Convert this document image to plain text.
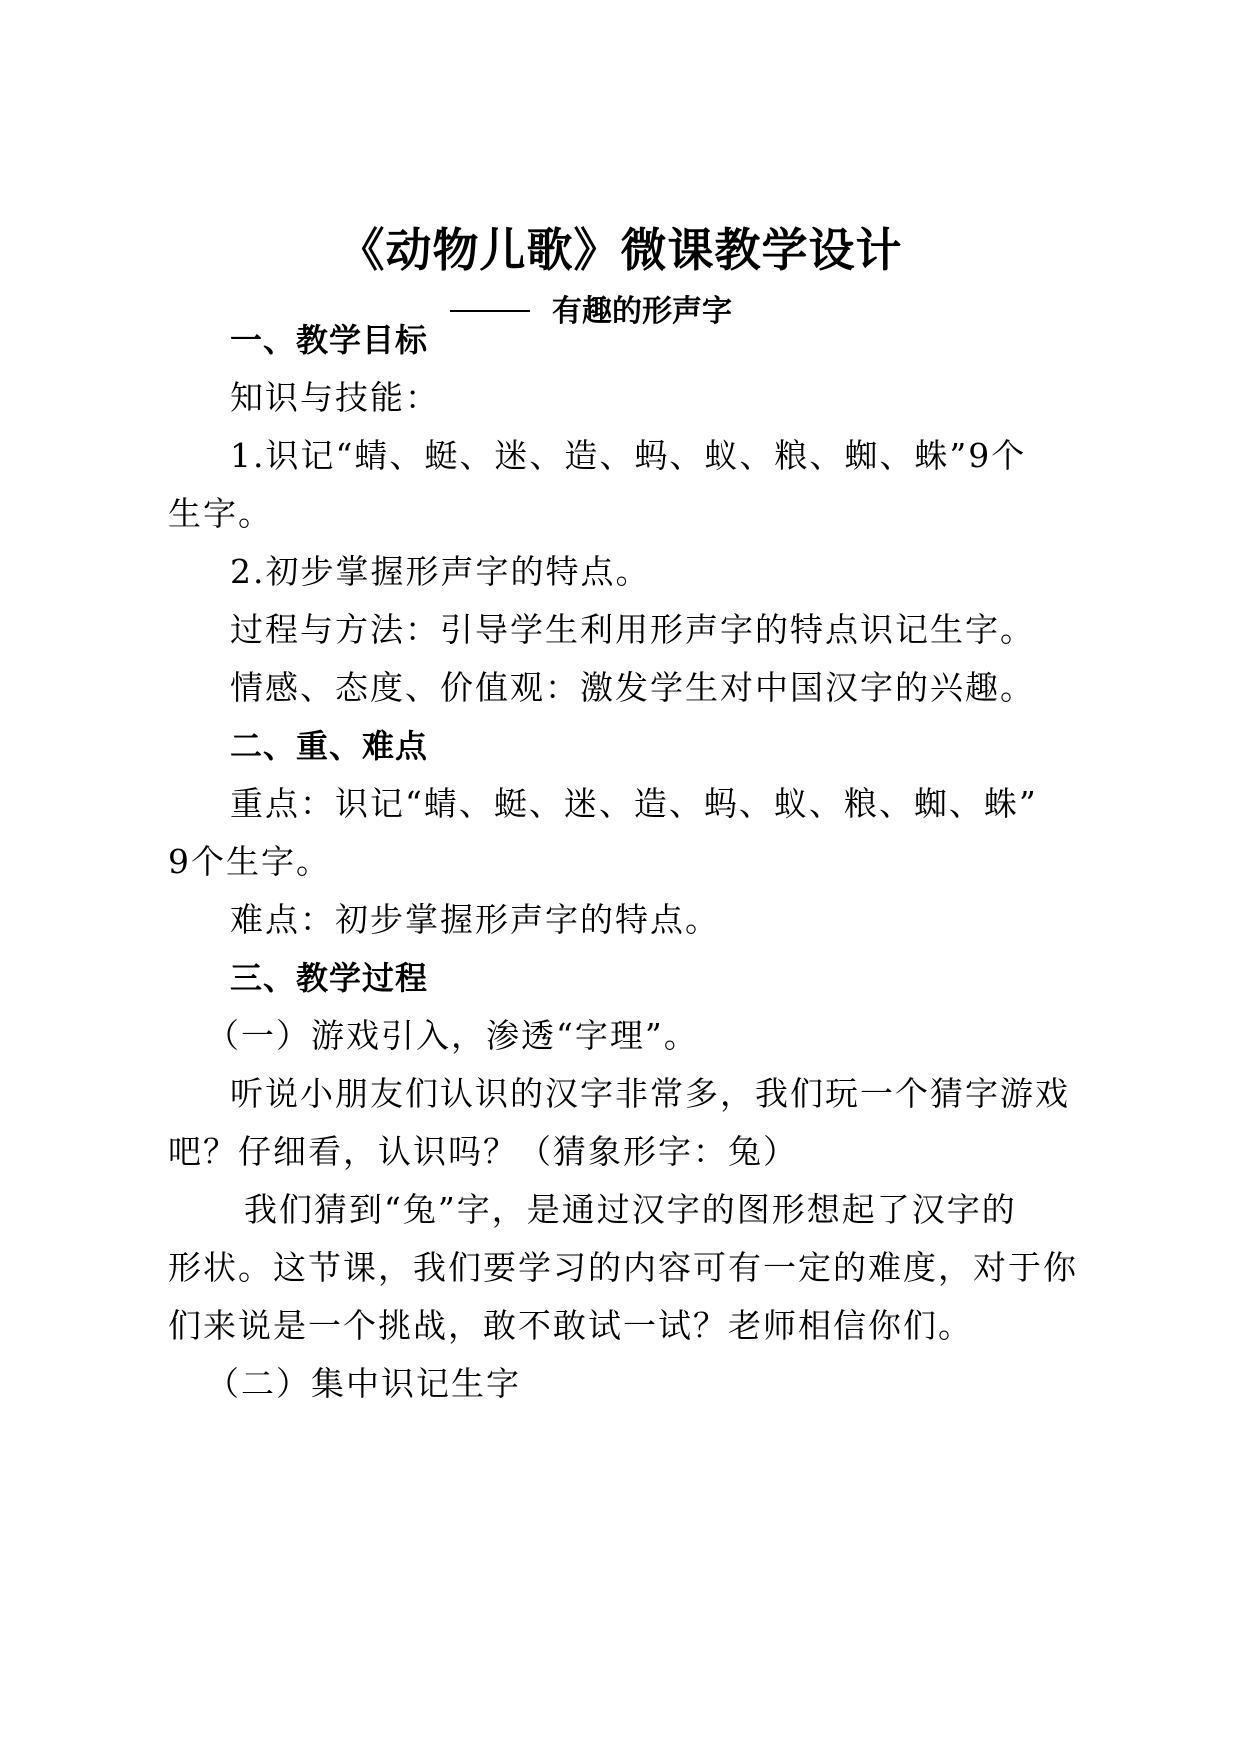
《动物儿歌》微课教学设计
有趣的形声字
一、教学目标
知识与技能：
1.识记“蜻、蜓、迷、造、蚂、蚁、粮、蜘、蛛”9个
生字。
2.初步掌握形声字的特点。
过程与方法：引导学生利用形声字的特点识记生字。
情感、态度、价值观：激发学生对中国汉字的兴趣。
二、重、难点
重点：识记“蜻、蜓、迷、造、蚂、蚁、粮、蜘、蛛”
9个生字。
难点：初步掌握形声字的特点。
三、教学过程
（一）游戏引入，渗透“字理”。
听说小朋友们认识的汉字非常多，我们玩一个猜字游戏
吧？仔细看，认识吗？（猜象形字：兔）
我们猜到“兔”字，是通过汉字的图形想起了汉字的
形状。这节课，我们要学习的内容可有一定的难度，对于你
们来说是一个挑战，敢不敢试一试？老师相信你们。
（二）集中识记生字
